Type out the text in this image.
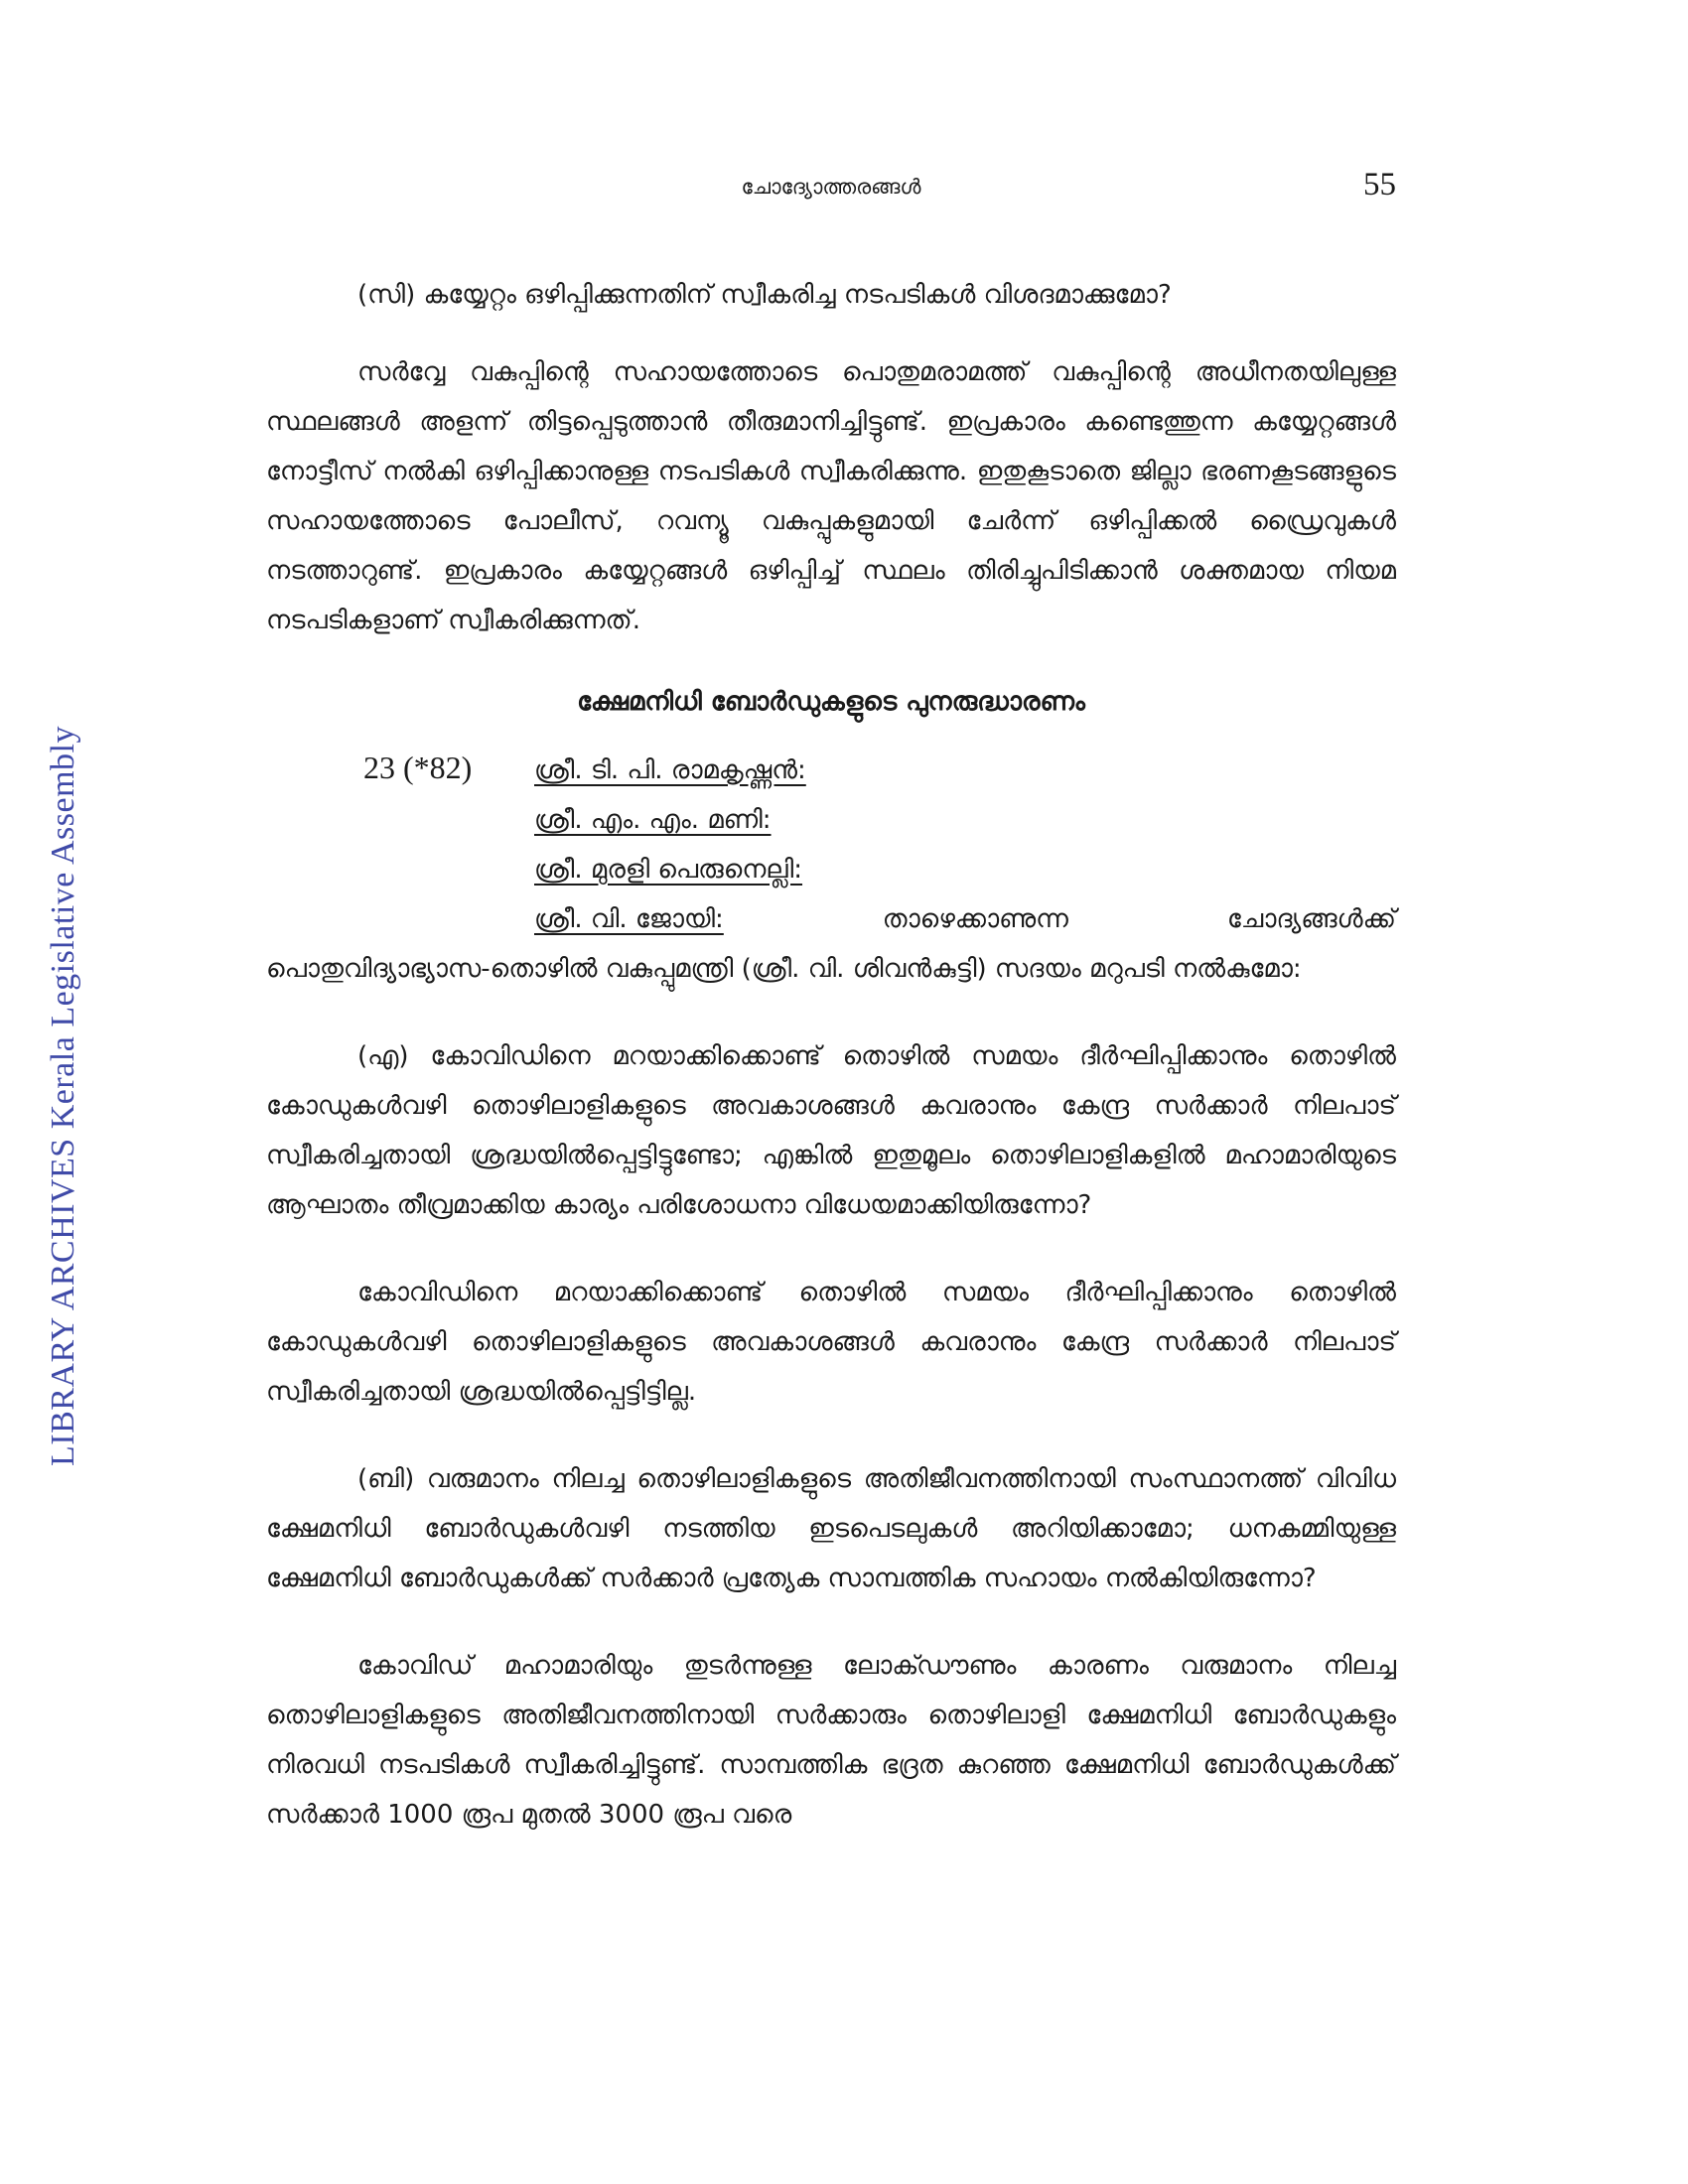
LIBRARY ARCHIVES Kerala Legislative Assembly
ചോദ്യോത്തരങ്ങൾ	55

(സി) കയ്യേറ്റം ഒഴിപ്പിക്കുന്നതിന് സ്വീകരിച്ച നടപടികൾ വിശദമാക്കുമോ?

സർവ്വേ വകുപ്പിന്റെ സഹായത്തോടെ പൊതുമരാമത്ത് വകുപ്പിന്റെ അധീനതയിലുള്ള സ്ഥലങ്ങൾ അളന്ന് തിട്ടപ്പെടുത്താൻ തീരുമാനിച്ചിട്ടുണ്ട്. ഇപ്രകാരം കണ്ടെത്തുന്ന കയ്യേറ്റങ്ങൾ നോട്ടീസ് നൽകി ഒഴിപ്പിക്കാനുള്ള നടപടികൾ സ്വീകരിക്കുന്നു. ഇതുകൂടാതെ ജില്ലാ ഭരണകൂടങ്ങളുടെ സഹായത്തോടെ പോലീസ്, റവന്യൂ വകുപ്പുകളുമായി ചേർന്ന് ഒഴിപ്പിക്കൽ ഡ്രൈവുകൾ നടത്താറുണ്ട്. ഇപ്രകാരം കയ്യേറ്റങ്ങൾ ഒഴിപ്പിച്ച് സ്ഥലം തിരിച്ചുപിടിക്കാൻ ശക്തമായ നിയമ നടപടികളാണ് സ്വീകരിക്കുന്നത്.

ക്ഷേമനിധി ബോർഡുകളുടെ പുനരുദ്ധാരണം
23 (*82)	ശ്രീ. ടി. പി. രാമകൃഷ്ണൻ:
ശ്രീ. എം. എം. മണി:
ശ്രീ. മുരളി പെരുനെല്ലി:
ശ്രീ. വി. ജോയി:	താഴെക്കാണുന്ന	ചോദ്യങ്ങൾക്ക്
പൊതുവിദ്യാഭ്യാസ-തൊഴിൽ വകുപ്പുമന്ത്രി (ശ്രീ. വി. ശിവൻകുട്ടി) സദയം മറുപടി നൽകുമോ:

(എ) കോവിഡിനെ മറയാക്കിക്കൊണ്ട് തൊഴിൽ സമയം ദീർഘിപ്പിക്കാനും തൊഴിൽ കോഡുകൾവഴി തൊഴിലാളികളുടെ അവകാശങ്ങൾ കവരാനും കേന്ദ്ര സർക്കാർ നിലപാട് സ്വീകരിച്ചതായി ശ്രദ്ധയിൽപ്പെട്ടിട്ടുണ്ടോ; എങ്കിൽ ഇതുമൂലം തൊഴിലാളികളിൽ മഹാമാരിയുടെ ആഘാതം തീവ്രമാക്കിയ കാര്യം പരിശോധനാ വിധേയമാക്കിയിരുന്നോ?

കോവിഡിനെ മറയാക്കിക്കൊണ്ട് തൊഴിൽ സമയം ദീർഘിപ്പിക്കാനും തൊഴിൽ കോഡുകൾവഴി തൊഴിലാളികളുടെ അവകാശങ്ങൾ കവരാനും കേന്ദ്ര സർക്കാർ നിലപാട് സ്വീകരിച്ചതായി ശ്രദ്ധയിൽപ്പെട്ടിട്ടില്ല.

(ബി) വരുമാനം നിലച്ച തൊഴിലാളികളുടെ അതിജീവനത്തിനായി സംസ്ഥാനത്ത് വിവിധ ക്ഷേമനിധി ബോർഡുകൾവഴി നടത്തിയ ഇടപെടലുകൾ അറിയിക്കാമോ; ധനകമ്മിയുള്ള ക്ഷേമനിധി ബോർഡുകൾക്ക് സർക്കാർ പ്രത്യേക സാമ്പത്തിക സഹായം നൽകിയിരുന്നോ?

കോവിഡ് മഹാമാരിയും തുടർന്നുള്ള ലോക്ഡൗണും കാരണം വരുമാനം നിലച്ച തൊഴിലാളികളുടെ അതിജീവനത്തിനായി സർക്കാരും തൊഴിലാളി ക്ഷേമനിധി ബോർഡുകളും നിരവധി നടപടികൾ സ്വീകരിച്ചിട്ടുണ്ട്. സാമ്പത്തിക ഭദ്രത കുറഞ്ഞ ക്ഷേമനിധി ബോർഡുകൾക്ക് സർക്കാർ 1000 രൂപ മുതൽ 3000 രൂപ വരെ
